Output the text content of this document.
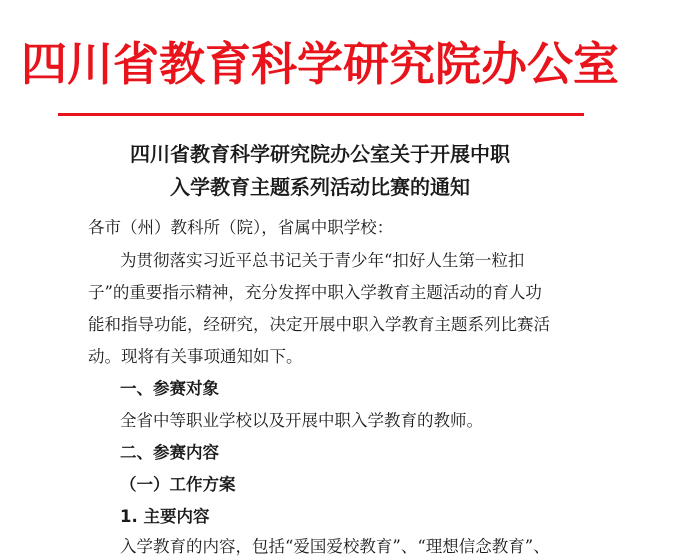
四川省教育科学研究院办公室
四川省教育科学研究院办公室关于开展中职
入学教育主题系列活动比赛的通知
各市（州）教科所（院），省属中职学校：
为贯彻落实习近平总书记关于青少年“扣好人生第一粒扣
子”的重要指示精神，充分发挥中职入学教育主题活动的育人功
能和指导功能，经研究，决定开展中职入学教育主题系列比赛活
动。现将有关事项通知如下。
一、参赛对象
全省中等职业学校以及开展中职入学教育的教师。
二、参赛内容
（一）工作方案
1. 主要内容
入学教育的内容，包括“爱国爱校教育”、“理想信念教育”、
